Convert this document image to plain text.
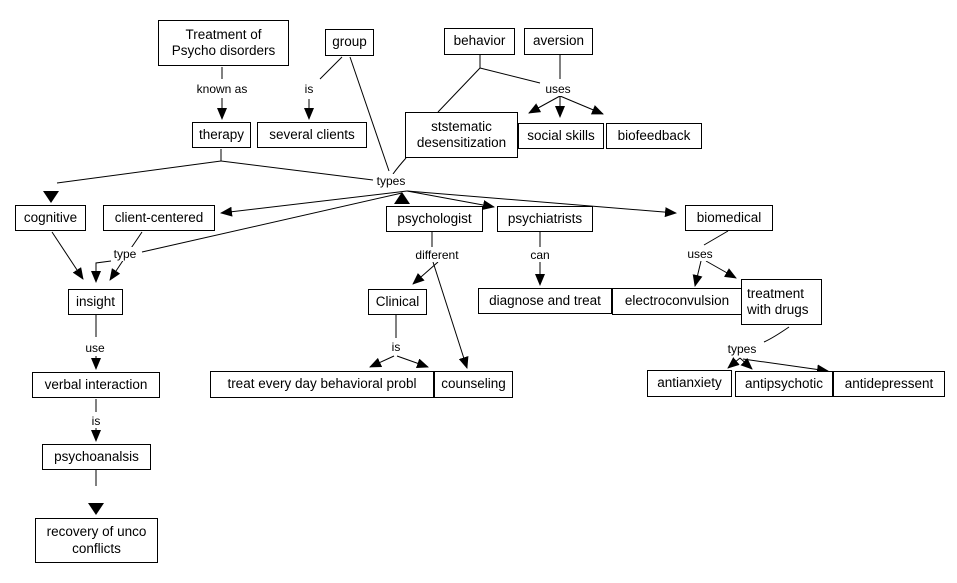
Treatment of Psycho disorders
group	behavior	aversion
therapy	several clients
ststematic desensitization	social skills	biofeedback
cognitive	client-centered	psychologist	psychiatrists	biomedical
insight	Clinical	diagnose and treat	electroconvulsion
treatment with drugs
verbal interaction	treat every day behavioral probl	counseling	antianxiety	antipsychotic	antidepressent
psychoanalsis
recovery of unco conflicts
known as	is	uses
types
type	different	can	uses
use	is
is
types
